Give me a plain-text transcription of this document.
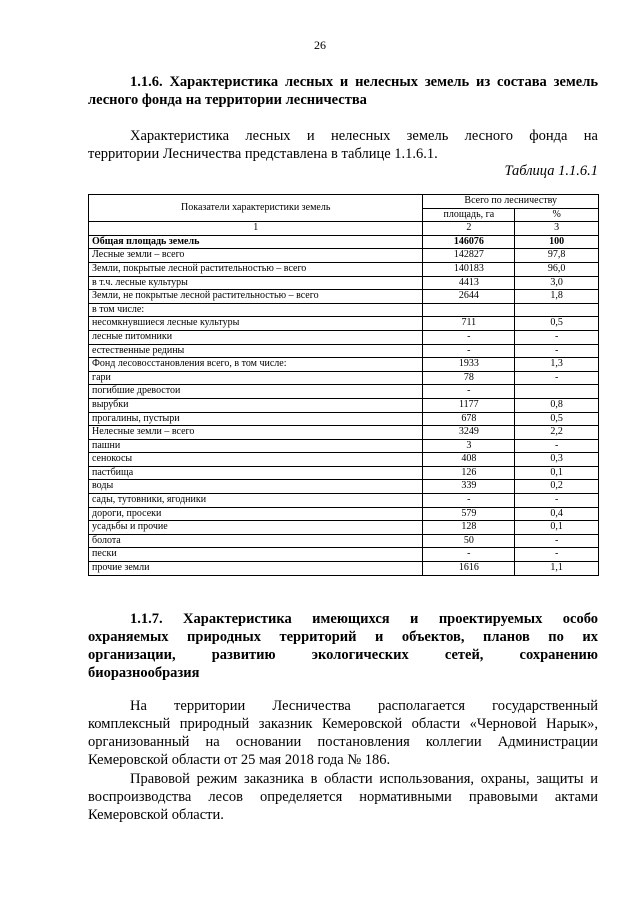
26
1.1.6. Характеристика лесных и нелесных земель из состава земель
лесного фонда на территории лесничества
Характеристика лесных и нелесных земель лесного фонда на
территории Лесничества представлена в таблице 1.1.6.1.
Таблица 1.1.6.1
Показатели характеристики земель	Всего по лесничеству	
	площадь, га	%
1	2	3
Общая площадь земель	146076	100
Лесные земли – всего	142827	97,8
Земли, покрытые лесной растительностью – всего	140183	96,0
в т.ч. лесные культуры	4413	3,0
Земли, не покрытые лесной растительностью – всего	2644	1,8
в том числе:		
несомкнувшиеся лесные культуры	711	0,5
лесные питомники	-	-
естественные редины	-	-
Фонд лесовосстановления всего, в том числе:	1933	1,3
гари	78	-
погибшие древостои	-	
вырубки	1177	0,8
прогалины, пустыри	678	0,5
Нелесные земли – всего	3249	2,2
пашни	3	-
сенокосы	408	0,3
пастбища	126	0,1
воды	339	0,2
сады, тутовники, ягодники	-	-
дороги, просеки	579	0,4
усадьбы и прочие	128	0,1
болота	50	-
пески	-	-
прочие земли	1616	1,1
1.1.7. Характеристика имеющихся и проектируемых особо
охраняемых природных территорий и объектов, планов по их
организации, развитию экологических сетей, сохранению
биоразнообразия
На территории Лесничества располагается государственный
комплексный природный заказник Кемеровской области «Черновой Нарык»,
организованный на основании постановления коллегии Администрации
Кемеровской области от 25 мая 2018 года № 186.
Правовой режим заказника в области использования, охраны, защиты и
воспроизводства лесов определяется нормативными правовыми актами
Кемеровской области.
